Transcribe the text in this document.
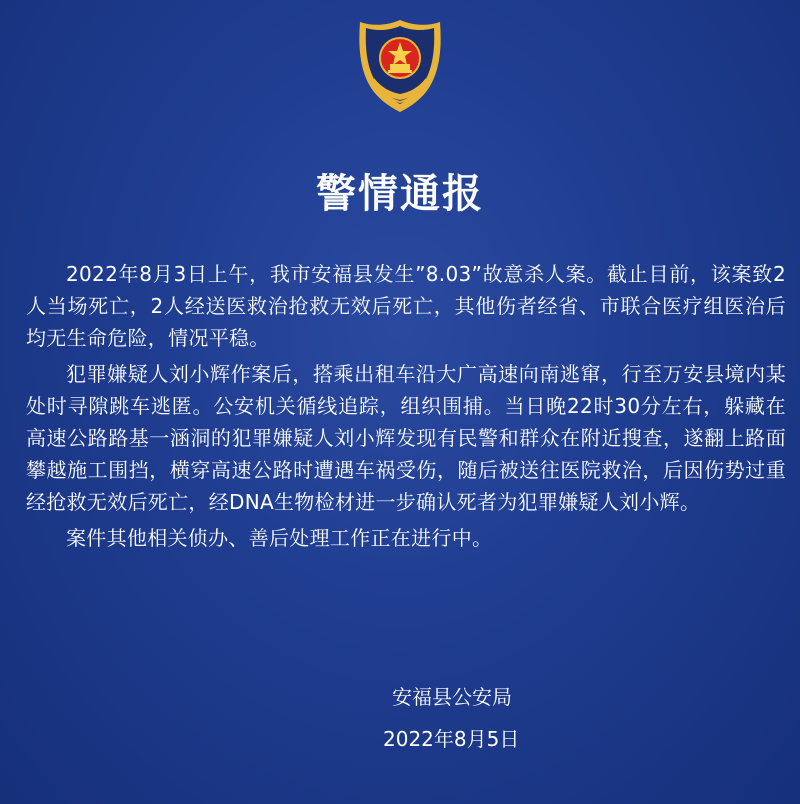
警情通报

2022年8月3日上午，我市安福县发生”8.03”故意杀人案。截止目前，该案致2人当场死亡，2人经送医救治抢救无效后死亡，其他伤者经省、市联合医疗组医治后均无生命危险，情况平稳。

犯罪嫌疑人刘小辉作案后，搭乘出租车沿大广高速向南逃窜，行至万安县境内某处时寻隙跳车逃匿。公安机关循线追踪，组织围捕。当日晚22时30分左右，躲藏在高速公路路基一涵洞的犯罪嫌疑人刘小辉发现有民警和群众在附近搜查，遂翻上路面攀越施工围挡，横穿高速公路时遭遇车祸受伤，随后被送往医院救治，后因伤势过重经抢救无效后死亡，经DNA生物检材进一步确认死者为犯罪嫌疑人刘小辉。

案件其他相关侦办、善后处理工作正在进行中。

安福县公安局
2022年8月5日
